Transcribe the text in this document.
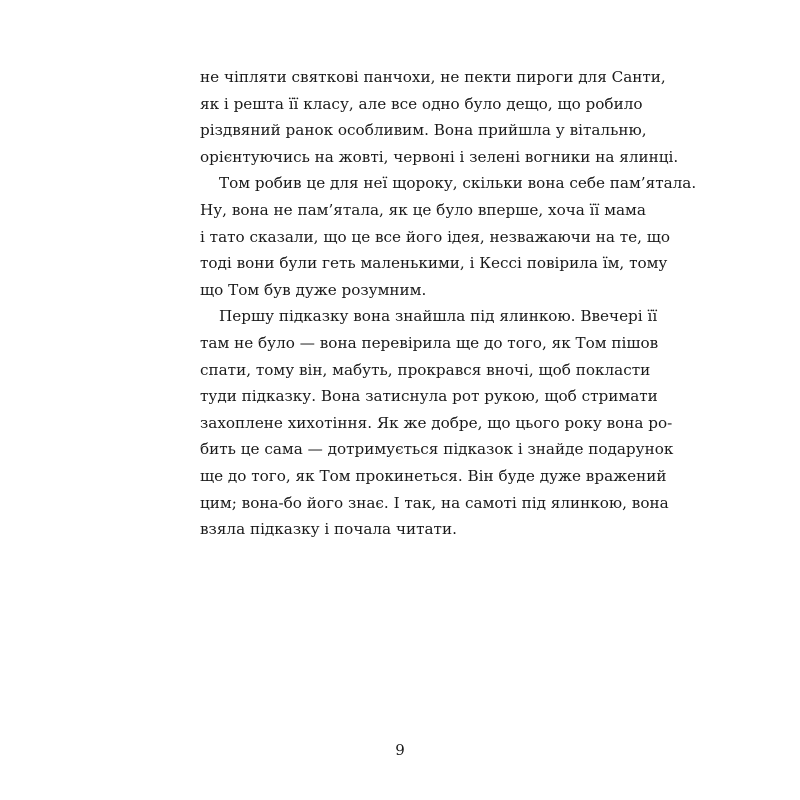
не чіпляти святкові панчохи, не пекти пироги для Санти,
як і решта її класу, але все одно було дещо, що робило
різдвяний ранок особливим. Вона прийшла у вітальню,
орієнтуючись на жовті, червоні і зелені вогники на ялинці.
Том робив це для неї щороку, скільки вона себе пам’ятала.
Ну, вона не пам’ятала, як це було вперше, хоча її мама
і тато сказали, що це все його ідея, незважаючи на те, що
тоді вони були геть маленькими, і Кессі повірила їм, тому
що Том був дуже розумним.
Першу підказку вона знайшла під ялинкою. Ввечері її
там не було — вона перевірила ще до того, як Том пішов
спати, тому він, мабуть, прокрався вночі, щоб покласти
туди підказку. Вона затиснула рот рукою, щоб стримати
захоплене хихотіння. Як же добре, що цього року вона ро-
бить це сама — дотримується підказок і знайде подарунок
ще до того, як Том прокинеться. Він буде дуже вражений
цим; вона-бо його знає. І так, на самоті під ялинкою, вона
взяла підказку і почала читати.
9
